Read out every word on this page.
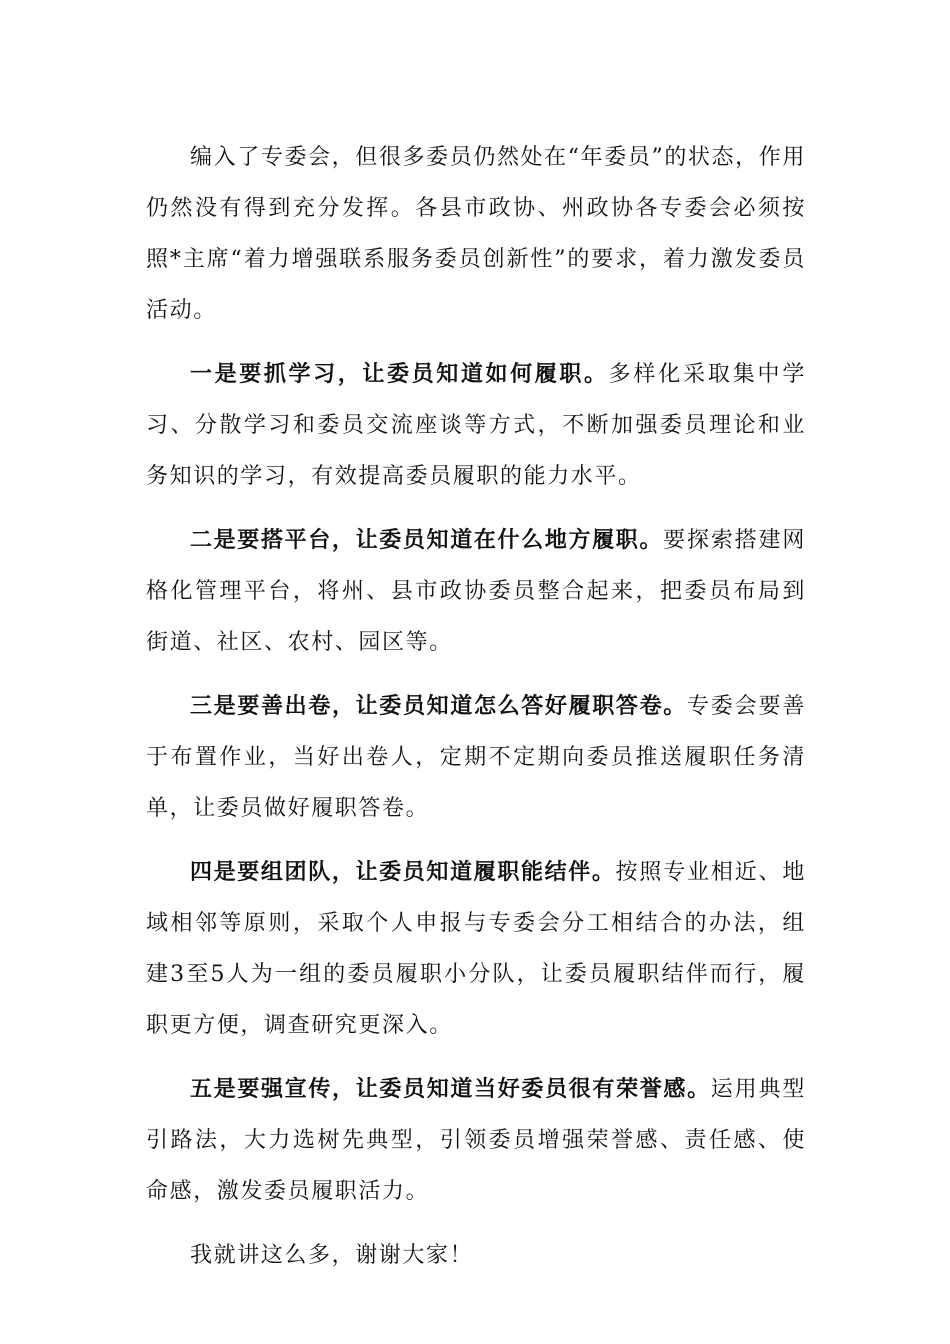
编入了专委会，但很多委员仍然处在“年委员”的状态，作用仍然没有得到充分发挥。各县市政协、州政协各专委会必须按照*主席“着力增强联系服务委员创新性”的要求，着力激发委员活动。

一是要抓学习，让委员知道如何履职。多样化采取集中学习、分散学习和委员交流座谈等方式，不断加强委员理论和业务知识的学习，有效提高委员履职的能力水平。

二是要搭平台，让委员知道在什么地方履职。要探索搭建网格化管理平台，将州、县市政协委员整合起来，把委员布局到街道、社区、农村、园区等。

三是要善出卷，让委员知道怎么答好履职答卷。专委会要善于布置作业，当好出卷人，定期不定期向委员推送履职任务清单，让委员做好履职答卷。

四是要组团队，让委员知道履职能结伴。按照专业相近、地域相邻等原则，采取个人申报与专委会分工相结合的办法，组建3至5人为一组的委员履职小分队，让委员履职结伴而行，履职更方便，调查研究更深入。

五是要强宣传，让委员知道当好委员很有荣誉感。运用典型引路法，大力选树先典型，引领委员增强荣誉感、责任感、使命感，激发委员履职活力。

我就讲这么多，谢谢大家！
